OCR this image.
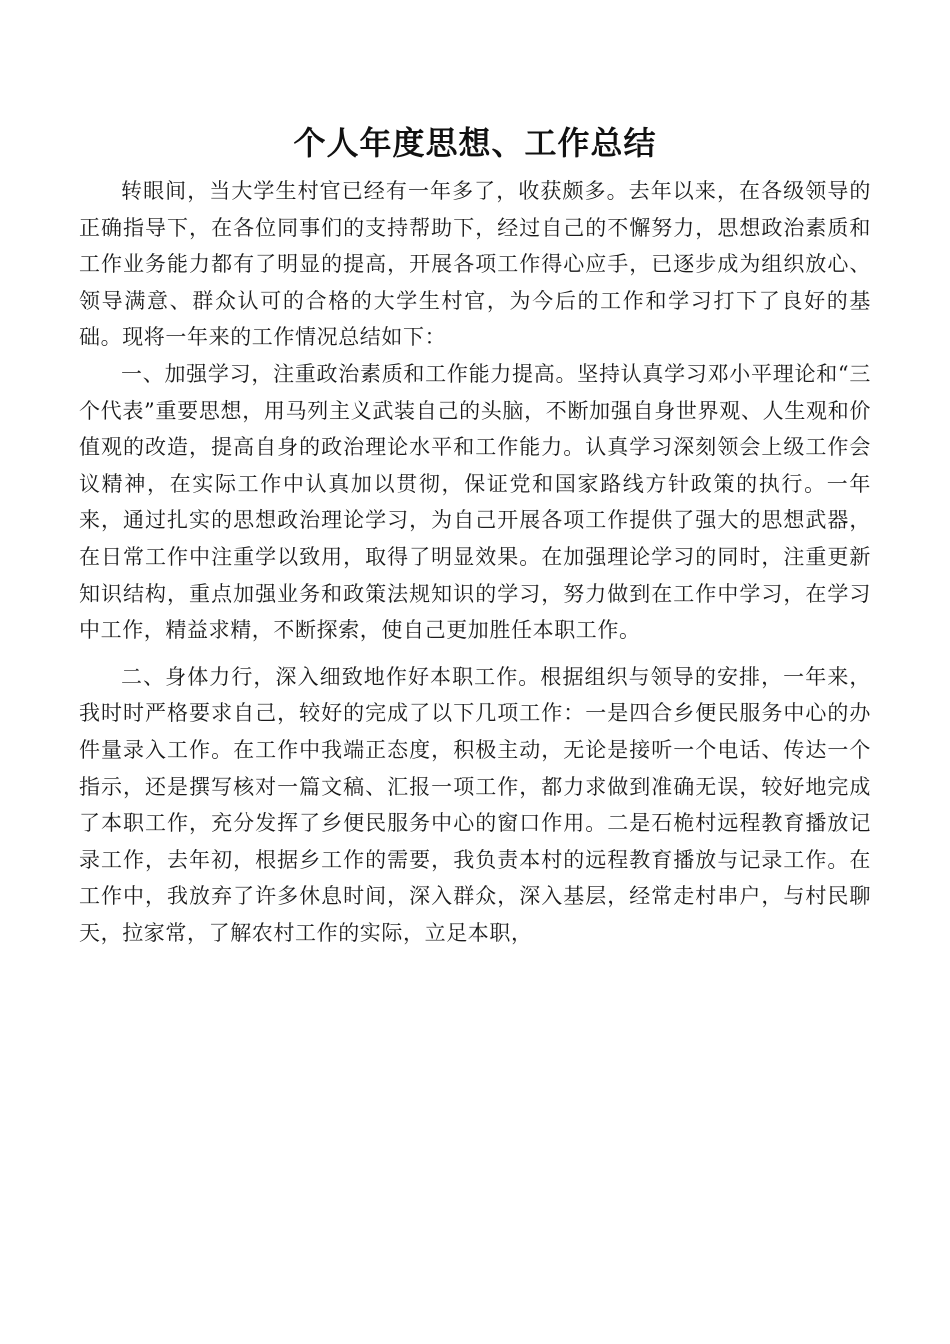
个人年度思想、工作总结

转眼间，当大学生村官已经有一年多了，收获颇多。去年以来，在各级领导的正确指导下，在各位同事们的支持帮助下，经过自己的不懈努力，思想政治素质和工作业务能力都有了明显的提高，开展各项工作得心应手，已逐步成为组织放心、领导满意、群众认可的合格的大学生村官，为今后的工作和学习打下了良好的基础。现将一年来的工作情况总结如下：

一、加强学习，注重政治素质和工作能力提高。坚持认真学习邓小平理论和“三个代表”重要思想，用马列主义武装自己的头脑，不断加强自身世界观、人生观和价值观的改造，提高自身的政治理论水平和工作能力。认真学习深刻领会上级工作会议精神，在实际工作中认真加以贯彻，保证党和国家路线方针政策的执行。一年来，通过扎实的思想政治理论学习，为自己开展各项工作提供了强大的思想武器，在日常工作中注重学以致用，取得了明显效果。在加强理论学习的同时，注重更新知识结构，重点加强业务和政策法规知识的学习，努力做到在工作中学习，在学习中工作，精益求精，不断探索，使自己更加胜任本职工作。

二、身体力行，深入细致地作好本职工作。根据组织与领导的安排，一年来，我时时严格要求自己，较好的完成了以下几项工作：一是四合乡便民服务中心的办件量录入工作。在工作中我端正态度，积极主动，无论是接听一个电话、传达一个指示，还是撰写核对一篇文稿、汇报一项工作，都力求做到准确无误，较好地完成了本职工作，充分发挥了乡便民服务中心的窗口作用。二是石桅村远程教育播放记录工作，去年初，根据乡工作的需要，我负责本村的远程教育播放与记录工作。在工作中，我放弃了许多休息时间，深入群众，深入基层，经常走村串户，与村民聊天，拉家常，了解农村工作的实际，立足本职，
